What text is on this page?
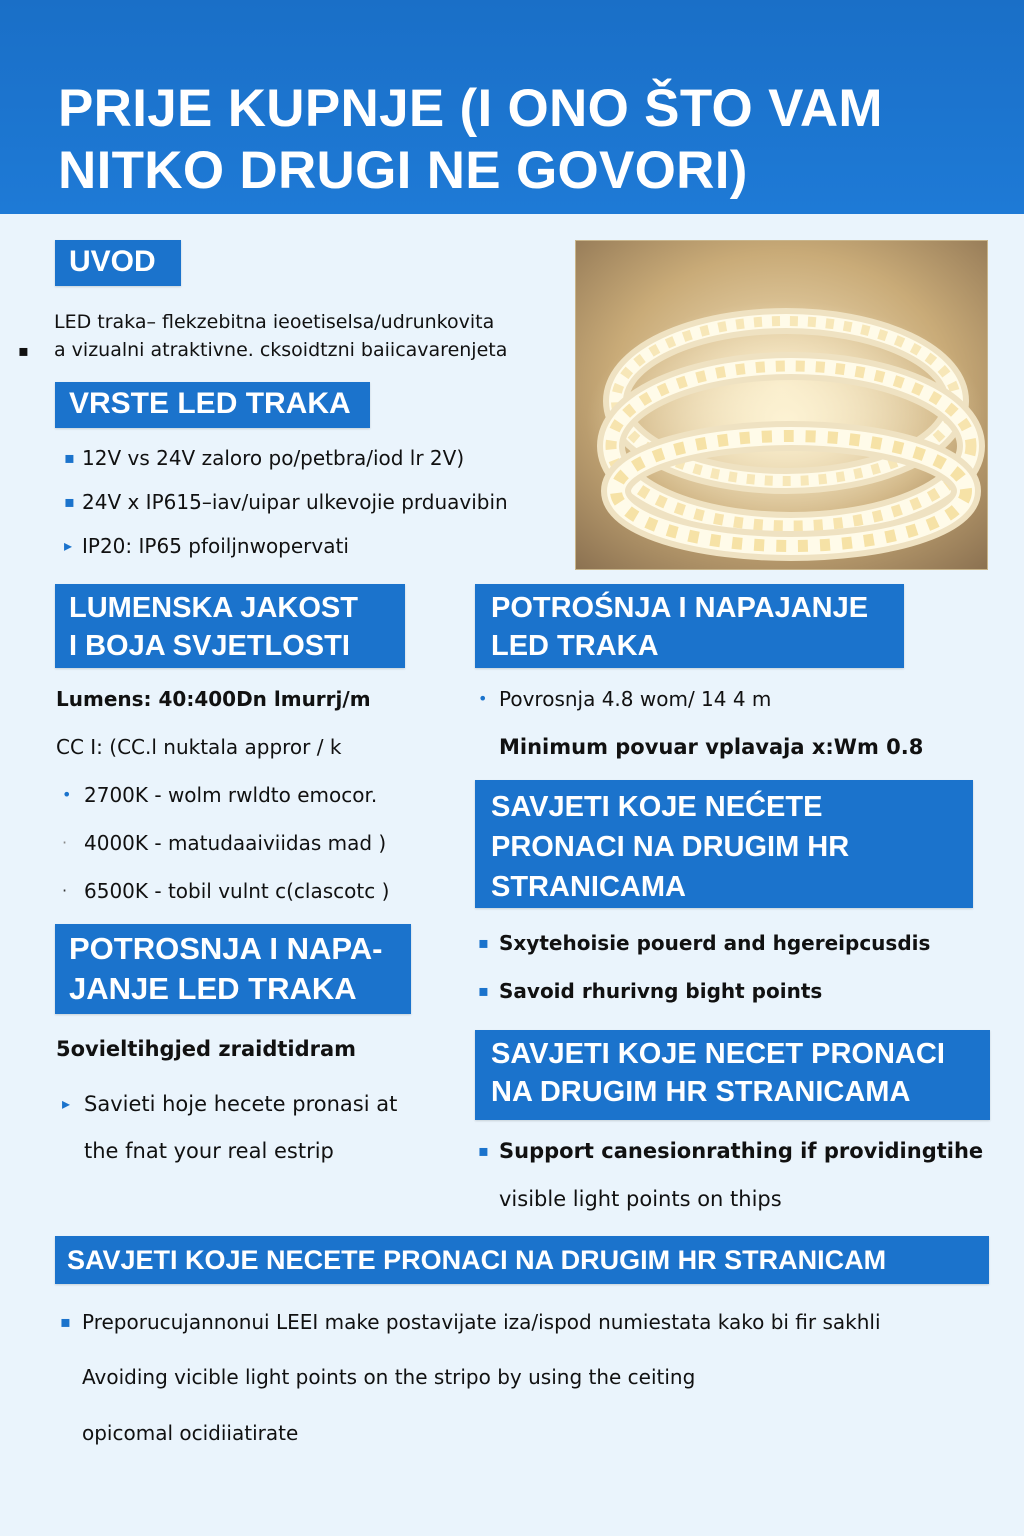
PRIJE KUPNJE (I ONO ŠTO VAM
NITKO DRUGI NE GOVORI)
UVOD
LED traka– flekzebitna ieoetiselsa/udrunkovita
▪ a vizualni atraktivne. cksoidtzni baiicavarenjeta
VRSTE LED TRAKA
▪ 12V vs 24V zaloro po/petbra/iod lr 2V)
▪ 24V x IP615–iav/uipar ulkevojie prduavibin
▸ IP20: IP65 pfoiljnwopervati
LUMENSKA JAKOST
I BOJA SVJETLOSTI
Lumens: 40:400Dn lmurrj/m
CC I: (CC.l nuktala appror / k
• 2700K - wolm rwldto emocor.
· 4000K - matudaaiviidas mad )
· 6500K - tobil vulnt c(clascotc )
POTROŚNJA I NAPAJANJE
LED TRAKA
• Povrosnja 4.8 wom/ 14 4 m
Minimum povuar vplavaja x:Wm 0.8
SAVJETI KOJE NEĆETE
PRONACI NA DRUGIM HR
STRANICAMA
▪ Sxytehoisie pouerd and hgereipcusdis
▪ Savoid rhurivng bight points
POTROSNJA I NAPA-
JANJE LED TRAKA
5ovieltihgjed zraidtidram
▸ Savieti hoje hecete pronasi at
the fnat your real estrip
SAVJETI KOJE NECET PRONACI
NA DRUGIM HR STRANICAMA
▪ Support canesionrathing if providingtihe
visible light points on thips
SAVJETI KOJE NECETE PRONACI NA DRUGIM HR STRANICAM
▪ Preporucujannonui LEEI make postavijate iza/ispod numiestata kako bi fir sakhli
Avoiding vicible light points on the stripo by using the ceiting
opicomal ocidiiatirate
